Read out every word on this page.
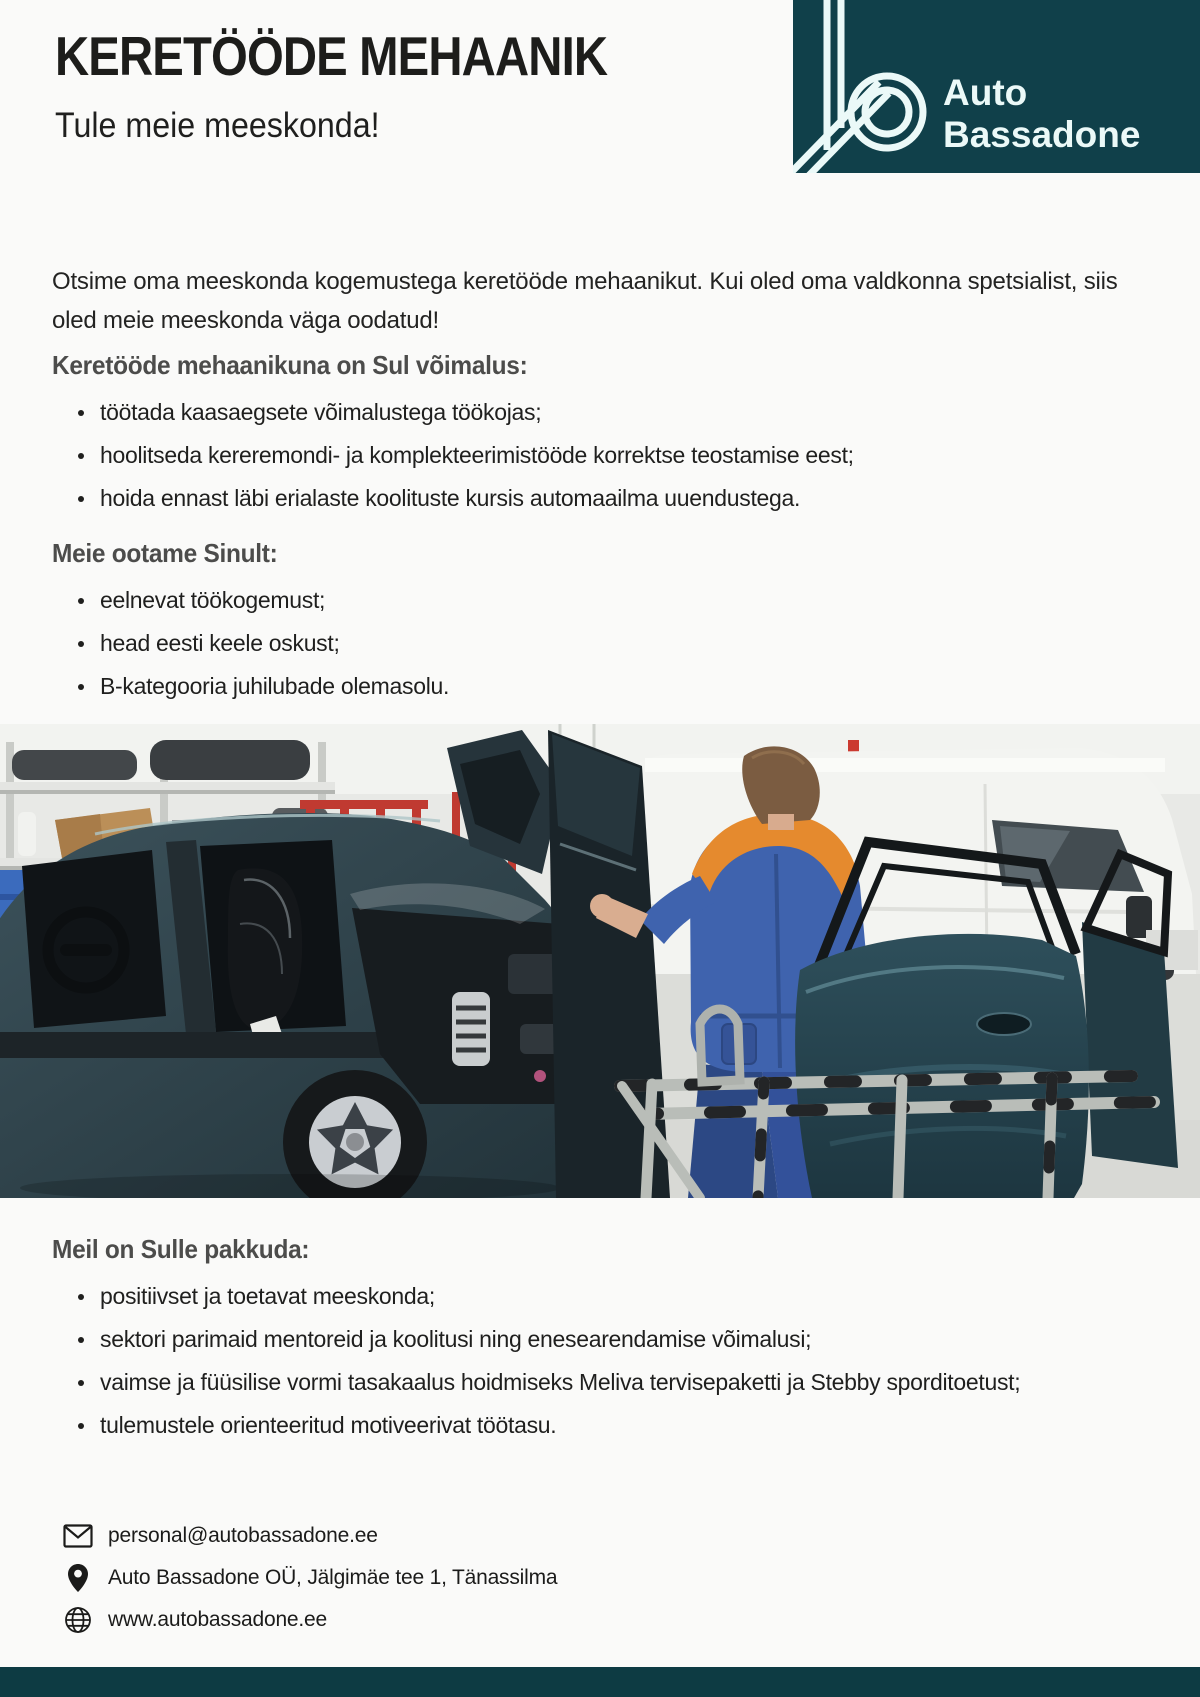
KERETÖÖDE MEHAANIK
Tule meie meeskonda!
Auto
Bassadone

Otsime oma meeskonda kogemustega keretööde mehaanikut. Kui oled oma valdkonna spetsialist, siis oled meie meeskonda väga oodatud!

Keretööde mehaanikuna on Sul võimalus:
töötada kaasaegsete võimalustega töökojas;
hoolitseda kereremondi- ja komplekteerimistööde korrektse teostamise eest;
hoida ennast läbi erialaste koolituste kursis automaailma uuendustega.
Meie ootame Sinult:
eelnevat töökogemust;
head eesti keele oskust;
B-kategooria juhilubade olemasolu.
Meil on Sulle pakkuda:
positiivset ja toetavat meeskonda;
sektori parimaid mentoreid ja koolitusi ning enesearendamise võimalusi;
vaimse ja füüsilise vormi tasakaalus hoidmiseks Meliva tervisepaketti ja Stebby sporditoetust;
tulemustele orienteeritud motiveerivat töötasu.
personal@autobassadone.ee
Auto Bassadone OÜ, Jälgimäe tee 1, Tänassilma
www.autobassadone.ee
